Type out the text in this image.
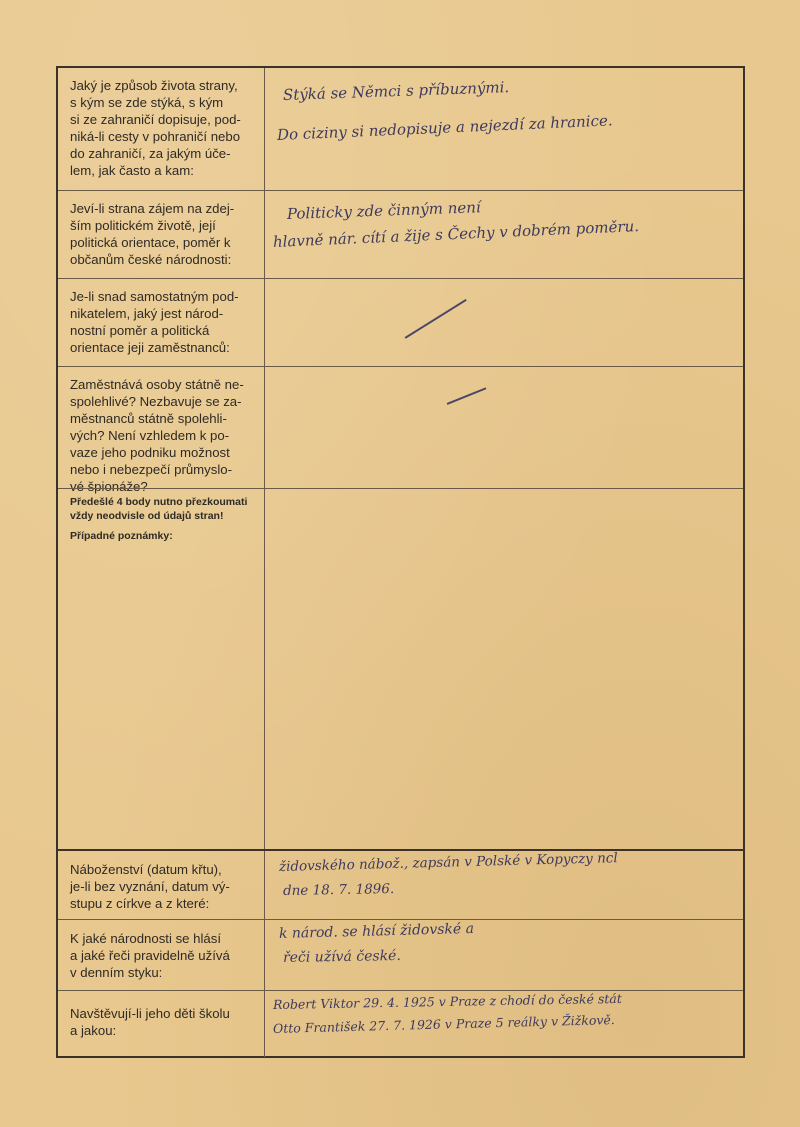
Jaký je způsob života strany,
s kým se zde stýká, s kým
si ze zahraničí dopisuje, pod-
niká-li cesty v pohraničí nebo
do zahraničí, za jakým úče-
lem, jak často a kam:
Stýká se Němci s příbuznými.
Do ciziny si nedopisuje a nejezdí za hranice.
Jeví-li strana zájem na zdej-
ším politickém životě, její
politická orientace, poměr k
občanům české národnosti:
Politicky zde činným není
hlavně nár. cítí a žije s Čechy v dobrém poměru.
Je-li snad samostatným pod-
nikatelem, jaký jest národ-
nostní poměr a politická
orientace jeji zaměstnanců:
Zaměstnává osoby státně ne-
spolehlivé? Nezbavuje se za-
městnanců státně spolehli-
vých? Není vzhledem k po-
vaze jeho podniku možnost
nebo i nebezpečí průmyslo-
vé špionáže?
Předešlé 4 body nutno přezkoumati
vždy neodvisle od údajů stran!
Případné poznámky:
Náboženství (datum křtu),
je-li bez vyznání, datum vý-
stupu z církve a z které:
židovského nábož., zapsán v Polské v Kopyczy ncl
dne 18. 7. 1896.
K jaké národnosti se hlásí
a jaké řeči pravidelně užívá
v denním styku:
k národ. se hlásí židovské a
řeči užívá české.
Navštěvují-li jeho děti školu
a jakou:
Robert Viktor 29. 4. 1925 v Praze z chodí do české stát
Otto František 27. 7. 1926 v Praze 5 reálky v Žižkově.
